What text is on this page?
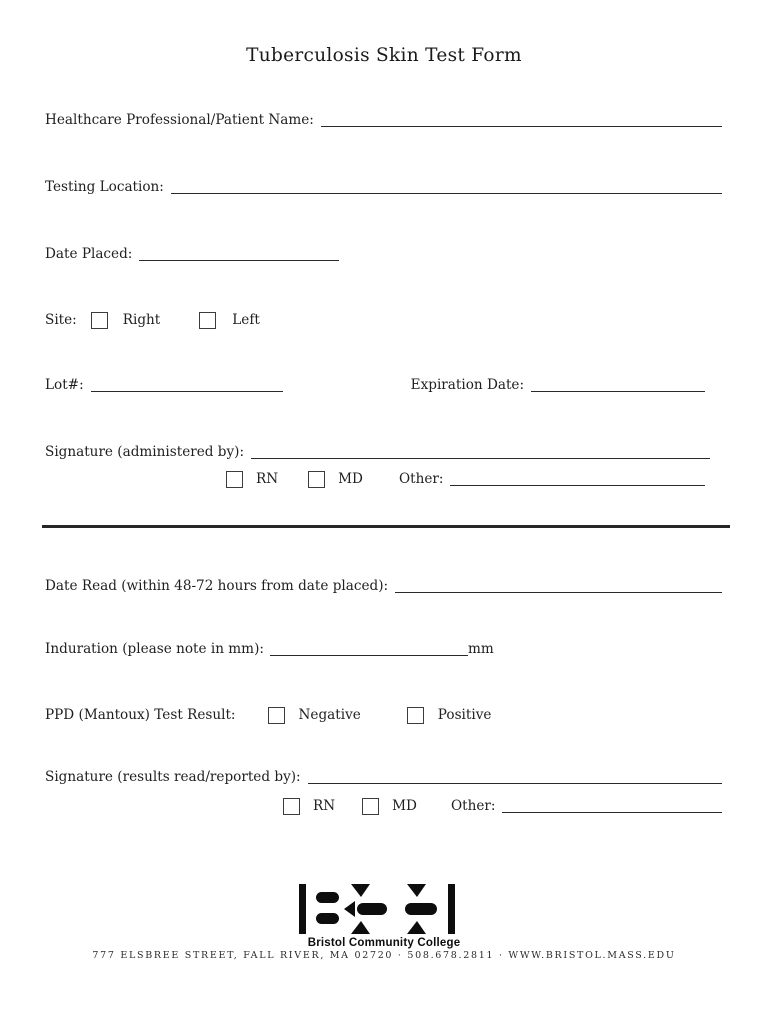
Tuberculosis Skin Test Form
Healthcare Professional/Patient Name:
Testing Location:
Date Placed:
Site:	Right	Left
Lot#:	Expiration Date:
Signature (administered by):
RN	MD	Other:
Date Read (within 48-72 hours from date placed):
Induration (please note in mm):	mm
PPD (Mantoux) Test Result:	Negative	Positive
Signature (results read/reported by):
RN	MD	Other:
Bristol Community College
777 ELSBREE STREET, FALL RIVER, MA 02720 · 508.678.2811 · WWW.BRISTOL.MASS.EDU
